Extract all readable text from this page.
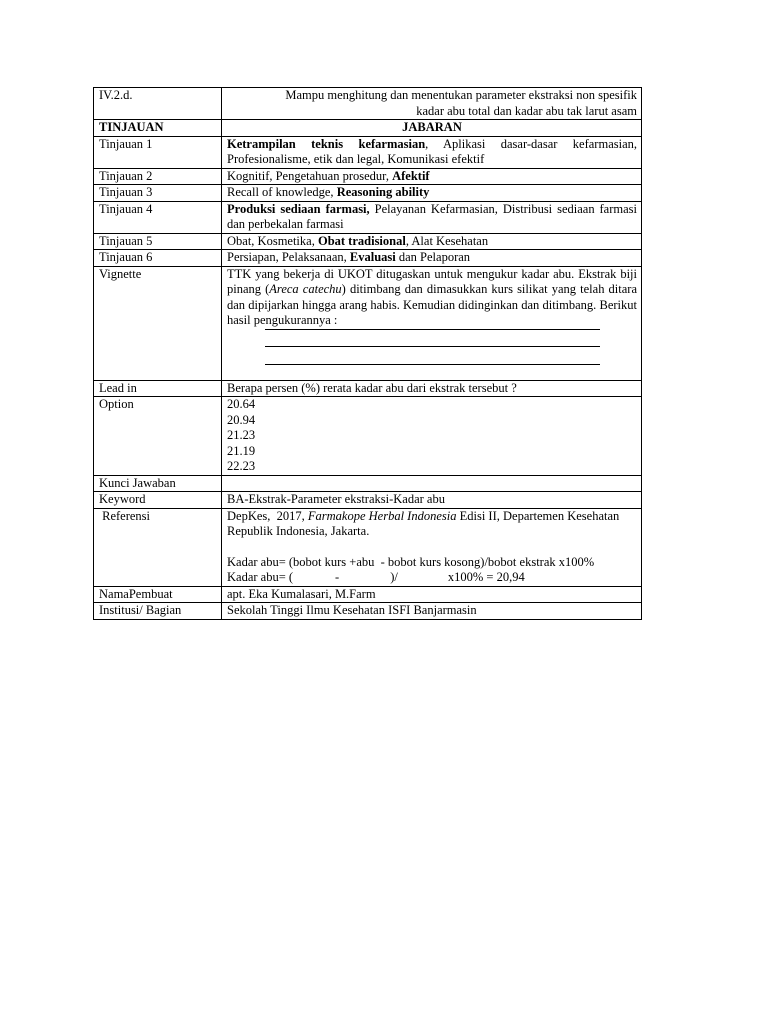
IV.2.d.	Mampu menghitung dan menentukan parameter ekstraksi non spesifik
kadar abu total dan kadar abu tak larut asam

TINJAUAN	JABARAN
Tinjauan 1	Ketrampilan teknis kefarmasian, Aplikasi dasar-dasar kefarmasian, Profesionalisme, etik dan legal, Komunikasi efektif
Tinjauan 2	Kognitif, Pengetahuan prosedur, Afektif
Tinjauan 3	Recall of knowledge, Reasoning ability
Tinjauan 4	Produksi sediaan farmasi, Pelayanan Kefarmasian, Distribusi sediaan farmasi dan perbekalan farmasi
Tinjauan 5	Obat, Kosmetika, Obat tradisional, Alat Kesehatan
Tinjauan 6	Persiapan, Pelaksanaan, Evaluasi dan Pelaporan
Vignette	TTK yang bekerja di UKOT ditugaskan untuk mengukur kadar abu. Ekstrak biji pinang (Areca catechu) ditimbang dan dimasukkan kurs silikat yang telah ditara dan dipijarkan hingga arang habis. Kemudian didinginkan dan ditimbang. Berikut hasil pengukurannya :

Lead in	Berapa persen (%) rerata kadar abu dari ekstrak tersebut ?
Option	20.64
20.94
21.23
21.19
22.23

Kunci Jawaban	
Keyword	BA-Ekstrak-Parameter ekstraksi-Kadar abu
Referensi	DepKes,  2017, Farmakope Herbal Indonesia Edisi II, Departemen Kesehatan Republik Indonesia, Jakarta.
Kadar abu= (bobot kurs +abu  - bobot kurs kosong)/bobot ekstrak x100%
Kadar abu= ( - )/ x100% = 20,94

NamaPembuat	apt. Eka Kumalasari, M.Farm
Institusi/ Bagian	Sekolah Tinggi Ilmu Kesehatan ISFI Banjarmasin
